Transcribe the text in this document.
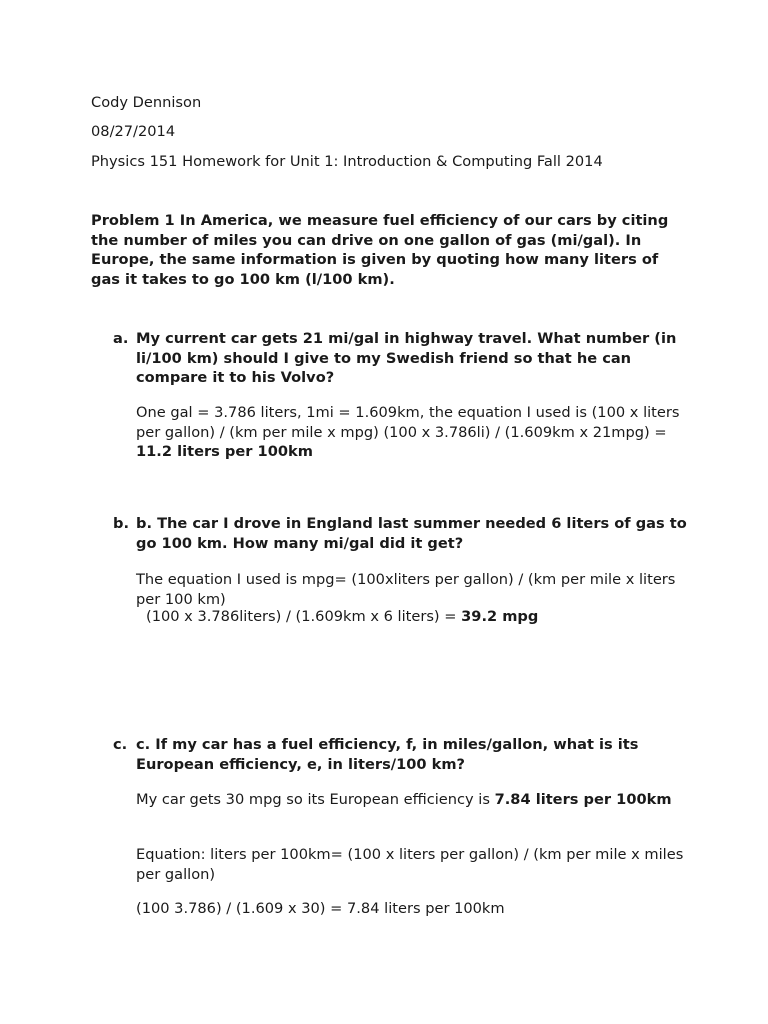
Cody Dennison

08/27/2014

Physics 151 Homework for Unit 1: Introduction & Computing Fall 2014

Problem 1 In America, we measure fuel efficiency of our cars by citing the number of miles you can drive on one gallon of gas (mi/gal). In Europe, the same information is given by quoting how many liters of gas it takes to go 100 km (l/100 km).

a. My current car gets 21 mi/gal in highway travel. What number (in li/100 km) should I give to my Swedish friend so that he can compare it to his Volvo?

One gal = 3.786 liters, 1mi = 1.609km, the equation I used is (100 x liters per gallon) / (km per mile x mpg) (100 x 3.786li) / (1.609km x 21mpg) = 11.2 liters per 100km

b. b. The car I drove in England last summer needed 6 liters of gas to go 100 km. How many mi/gal did it get?

The equation I used is mpg= (100xliters per gallon) / (km per mile x liters per 100 km)

(100 x 3.786liters) / (1.609km x 6 liters) = 39.2 mpg

c. c. If my car has a fuel efficiency, f, in miles/gallon, what is its European efficiency, e, in liters/100 km?

My car gets 30 mpg so its European efficiency is 7.84 liters per 100km

Equation: liters per 100km= (100 x liters per gallon) / (km per mile x miles per gallon)

(100 3.786) / (1.609 x 30) = 7.84 liters per 100km
